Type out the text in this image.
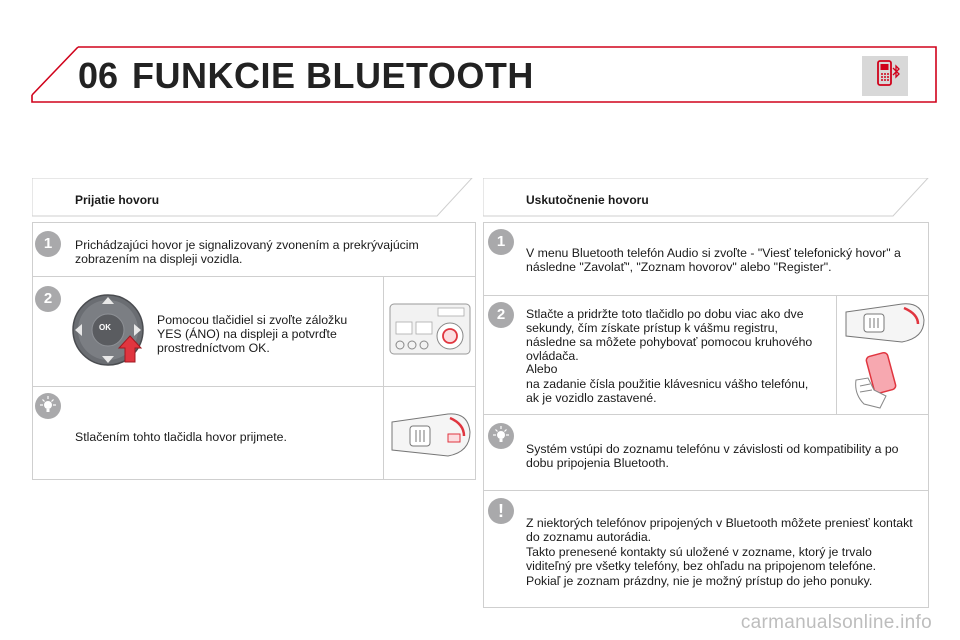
06 FUNKCIE BLUETOOTH
Prijatie hovoru
1	Prichádzajúci hovor je signalizovaný zvonením a prekrývajúcim zobrazením na displeji vozidla.
2
OK
Pomocou tlačidiel si zvoľte záložku YES (ÁNO) na displeji a potvrďte prostredníctvom OK.
Stlačením tohto tlačidla hovor prijmete.
Uskutočnenie hovoru
1
V menu Bluetooth telefón Audio si zvoľte - "Viesť telefonický hovor" a následne "Zavolať", "Zoznam hovorov" alebo "Register".
2	Stlačte a pridržte toto tlačidlo po dobu viac ako dve sekundy, čím získate prístup k vášmu registru, následne sa môžete pohybovať pomocou kruhového ovládača.
Alebo
na zadanie čísla použitie klávesnicu vášho telefónu, ak je vozidlo zastavené.
Systém vstúpi do zoznamu telefónu v závislosti od kompatibility a po dobu pripojenia Bluetooth.
!
Z niektorých telefónov pripojených v Bluetooth môžete preniesť kontakt do zoznamu autorádia.
Takto prenesené kontakty sú uložené v zozname, ktorý je trvalo viditeľný pre všetky telefóny, bez ohľadu na pripojenom telefóne.
Pokiaľ je zoznam prázdny, nie je možný prístup do jeho ponuky.
carmanualsonline.info
